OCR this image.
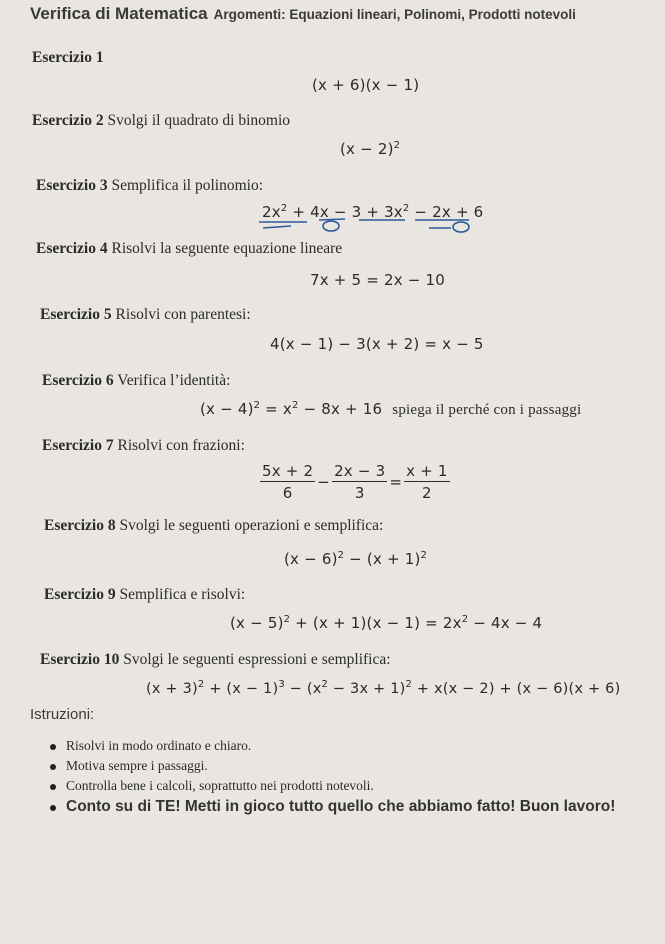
Verifica di Matematica Argomenti: Equazioni lineari, Polinomi, Prodotti notevoli
Esercizio 1
(x + 6)(x − 1)
Esercizio 2 Svolgi il quadrato di binomio
$(x - 2)^2$
Esercizio 3 Semplifica il polinomio:
$2x^2 + 4x - 3 + 3x^2 - 2x + 6$
Esercizio 4 Risolvi la seguente equazione lineare
7x + 5 = 2x − 10
Esercizio 5 Risolvi con parentesi:
4(x − 1) − 3(x + 2) = x − 5
Esercizio 6 Verifica l’identità:
$(x - 4)^2 = x^2 - 8x + 16$ spiega il perché con i passaggi
Esercizio 7 Risolvi con frazioni:
$\frac{5x + 2}{6} - \frac{2x - 3}{3} = \frac{x + 1}{2}$
Esercizio 8 Svolgi le seguenti operazioni e semplifica:
$(x - 6)^2 - (x + 1)^2$
Esercizio 9 Semplifica e risolvi:
$(x - 5)^2 + (x + 1)(x - 1) = 2x^2 - 4x - 4$
Esercizio 10 Svolgi le seguenti espressioni e semplifica:
$(x + 3)^2 + (x - 1)^3 - (x^2 - 3x + 1)^2 + x(x - 2) + (x - 6)(x + 6)$
Istruzioni:
Risolvi in modo ordinato e chiaro.
Motiva sempre i passaggi.
Controlla bene i calcoli, soprattutto nei prodotti notevoli.
Conto su di TE! Metti in gioco tutto quello che abbiamo fatto! Buon lavoro!
